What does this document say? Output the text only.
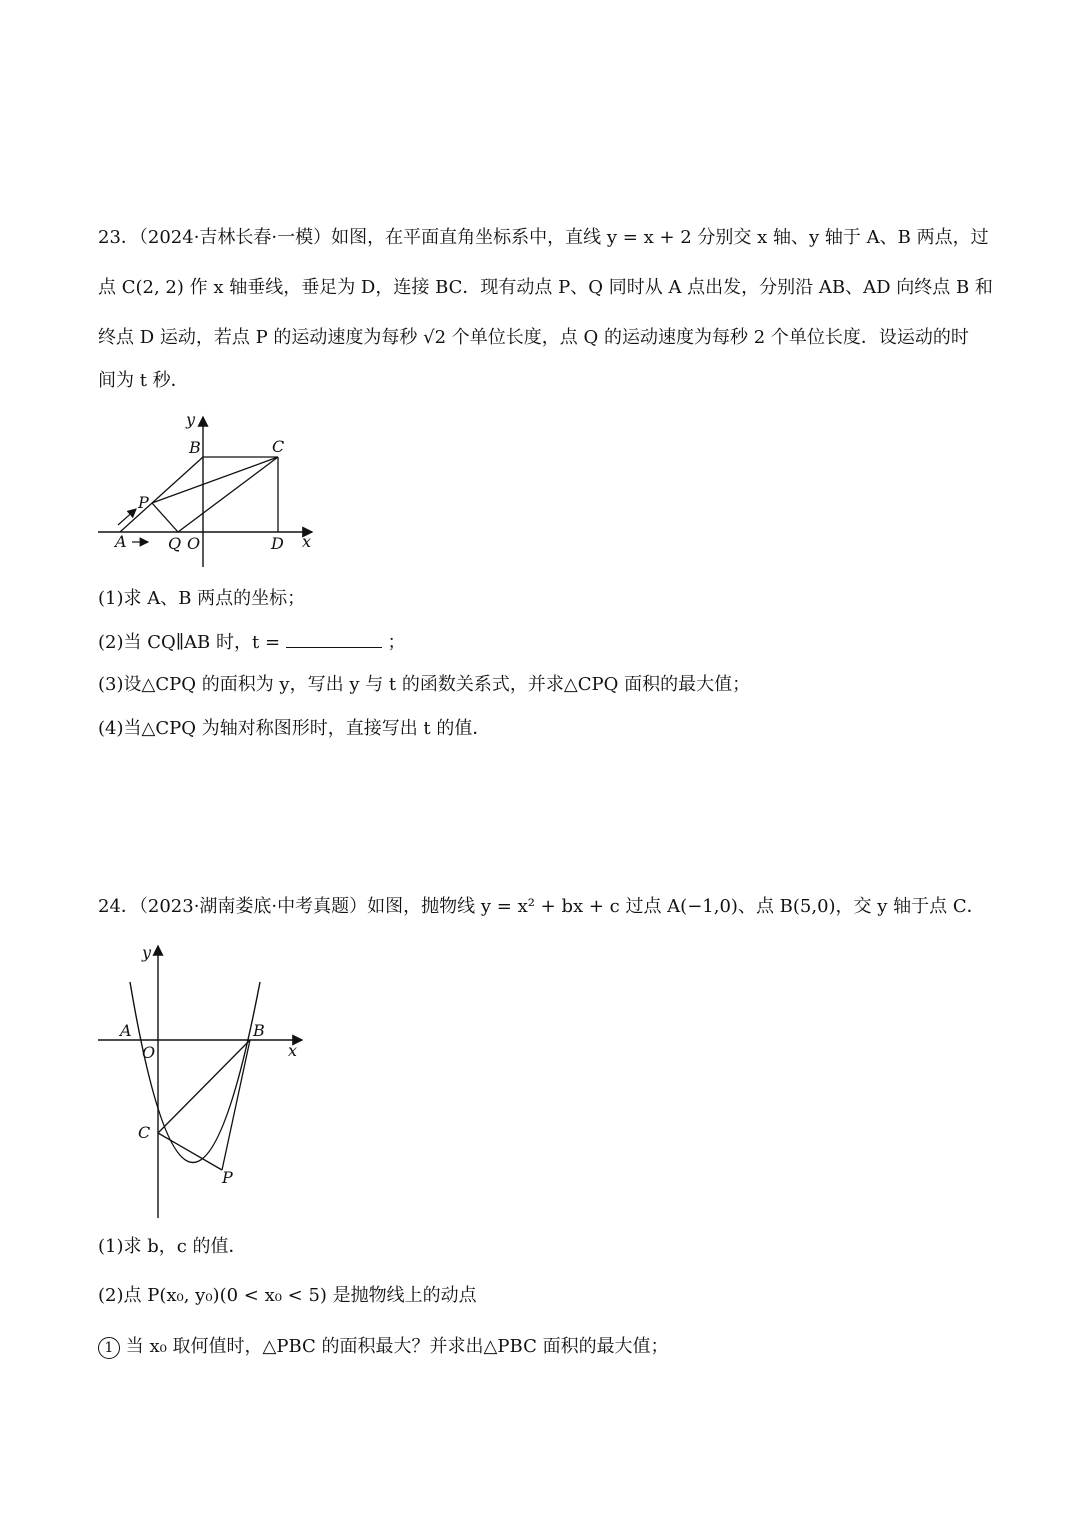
23．（2024·吉林长春·一模）如图，在平面直角坐标系中，直线 y = x + 2 分别交 x 轴、y 轴于 A、B 两点，过
点 C(2, 2) 作 x 轴垂线，垂足为 D，连接 BC．现有动点 P、Q 同时从 A 点出发，分别沿 AB、AD 向终点 B 和
终点 D 运动，若点 P 的运动速度为每秒 √2 个单位长度，点 Q 的运动速度为每秒 2 个单位长度．设运动的时
间为 t 秒．
y
x
B	C
P
A	Q O	D
(1)求 A、B 两点的坐标；
(2)当 CQ∥AB 时，t =	；
(3)设△CPQ 的面积为 y，写出 y 与 t 的函数关系式，并求△CPQ 面积的最大值；
(4)当△CPQ 为轴对称图形时，直接写出 t 的值．
24．（2023·湖南娄底·中考真题）如图，抛物线 y = x² + bx + c 过点 A(−1,0)、点 B(5,0)，交 y 轴于点 C．
y
x
A
O
B
C
P
(1)求 b，c 的值．
(2)点 P(x₀, y₀)(0 < x₀ < 5) 是抛物线上的动点
1 当 x₀ 取何值时，△PBC 的面积最大？并求出△PBC 面积的最大值；
